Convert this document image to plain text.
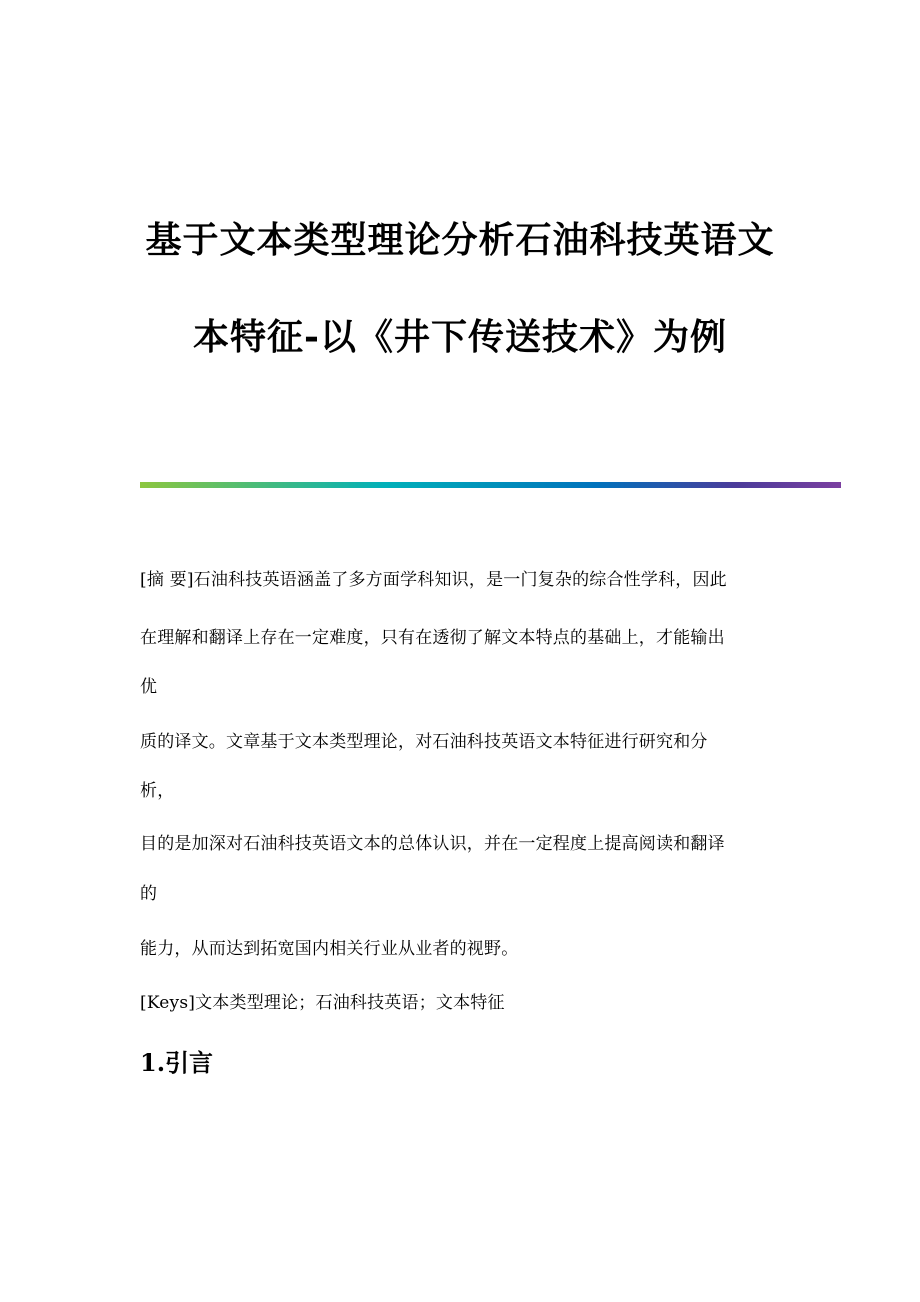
基于文本类型理论分析石油科技英语文
本特征-以《井下传送技术》为例
[摘 要]石油科技英语涵盖了多方面学科知识，是一门复杂的综合性学科，因此
在理解和翻译上存在一定难度，只有在透彻了解文本特点的基础上，才能输出
优
质的译文。文章基于文本类型理论，对石油科技英语文本特征进行研究和分
析，
目的是加深对石油科技英语文本的总体认识，并在一定程度上提高阅读和翻译
的
能力，从而达到拓宽国内相关行业从业者的视野。
[Keys]文本类型理论；石油科技英语；文本特征
1.引言
